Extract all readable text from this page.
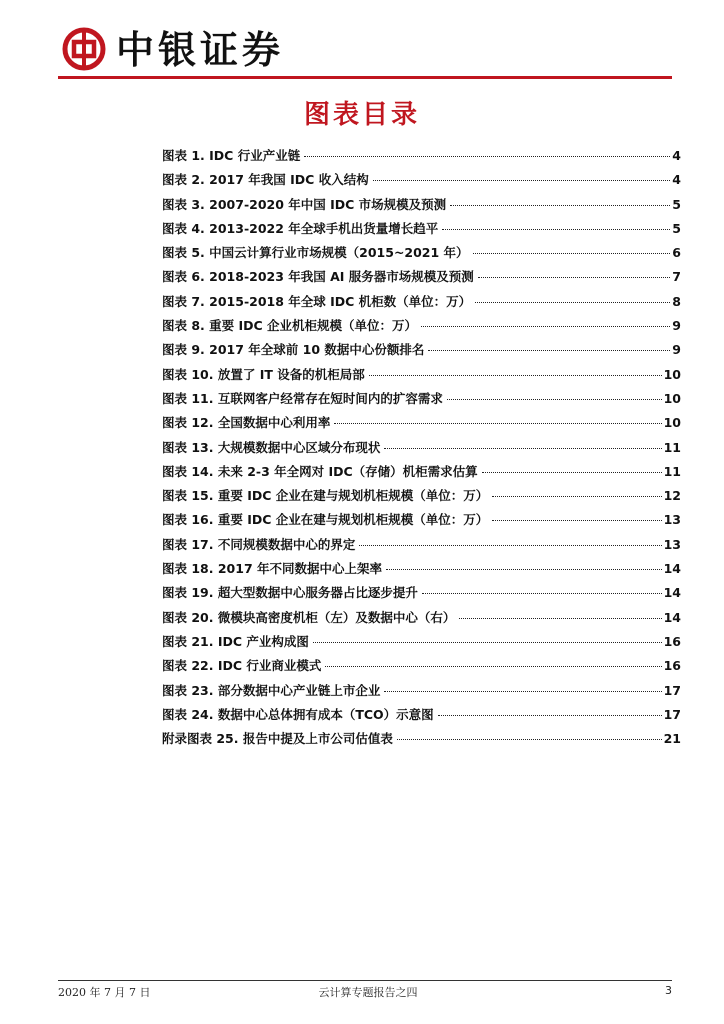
中银证券
图表目录
图表 1. IDC 行业产业链	4
图表 2. 2017 年我国 IDC 收入结构	4
图表 3. 2007-2020 年中国 IDC 市场规模及预测	5
图表 4. 2013-2022 年全球手机出货量增长趋平	5
图表 5. 中国云计算行业市场规模（2015~2021 年）	6
图表 6. 2018-2023 年我国 AI 服务器市场规模及预测	7
图表 7. 2015-2018 年全球 IDC 机柜数（单位：万）	8
图表 8. 重要 IDC 企业机柜规模（单位：万）	9
图表 9. 2017 年全球前 10 数据中心份额排名	9
图表 10. 放置了 IT 设备的机柜局部	10
图表 11. 互联网客户经常存在短时间内的扩容需求	10
图表 12. 全国数据中心利用率	10
图表 13. 大规模数据中心区域分布现状	11
图表 14. 未来 2-3 年全网对 IDC（存储）机柜需求估算	11
图表 15. 重要 IDC 企业在建与规划机柜规模（单位：万）	12
图表 16. 重要 IDC 企业在建与规划机柜规模（单位：万）	13
图表 17. 不同规模数据中心的界定	13
图表 18. 2017 年不同数据中心上架率	14
图表 19. 超大型数据中心服务器占比逐步提升	14
图表 20. 微模块高密度机柜（左）及数据中心（右）	14
图表 21. IDC 产业构成图	16
图表 22. IDC 行业商业模式	16
图表 23. 部分数据中心产业链上市企业	17
图表 24. 数据中心总体拥有成本（TCO）示意图	17
附录图表 25. 报告中提及上市公司估值表	21
2020 年 7 月 7 日	云计算专题报告之四	3
